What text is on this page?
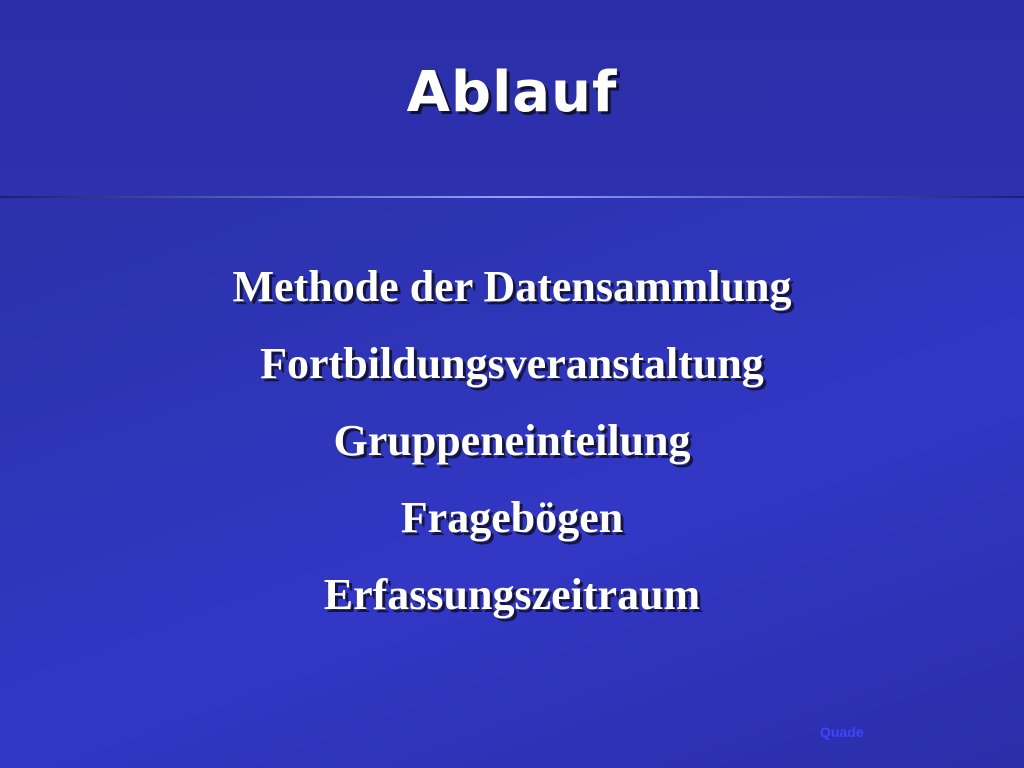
Ablauf
Methode der Datensammlung
Fortbildungsveranstaltung
Gruppeneinteilung
Fragebögen
Erfassungszeitraum
Quade
